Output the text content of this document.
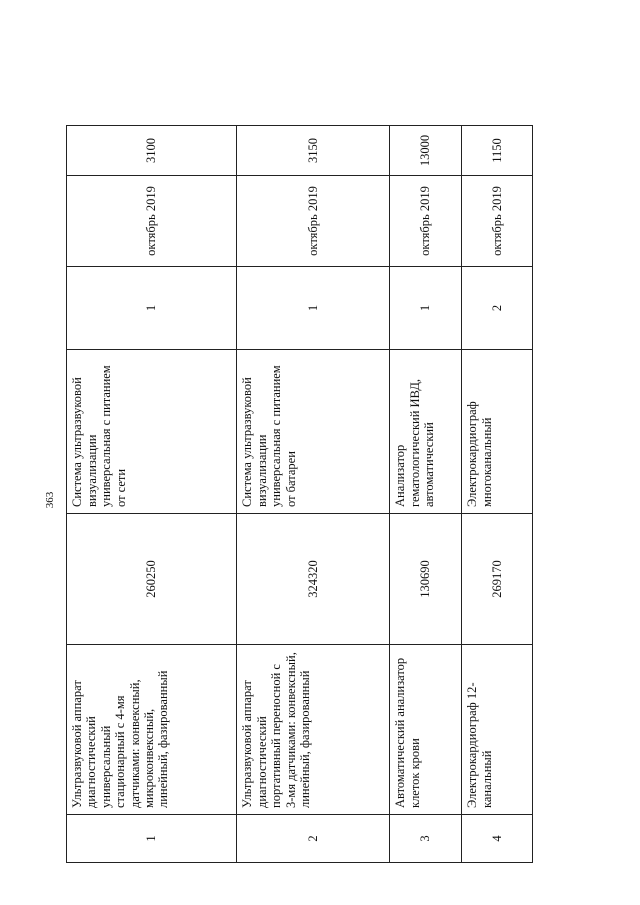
363
1	Ультразвуковой аппарат диагностический универсальный стационарный с 4-мя датчиками: конвексный, микроконвексный, линейный, фазированный	260250	Система ультразвуковой визуализации универсальная с питанием от сети	1	октябрь 2019	3100
2	Ультразвуковой аппарат диагностический портативный переносной с 3-мя датчиками: конвексный, линейный, фазированный	324320	Система ультразвуковой визуализации универсальная с питанием от батареи	1	октябрь 2019	3150
3	Автоматический анализатор клеток крови	130690	Анализатор гематологический ИВД, автоматический	1	октябрь 2019	13000
4	Электрокардиограф 12-канальный	269170	Электрокардиограф многоканальный	2	октябрь 2019	1150
